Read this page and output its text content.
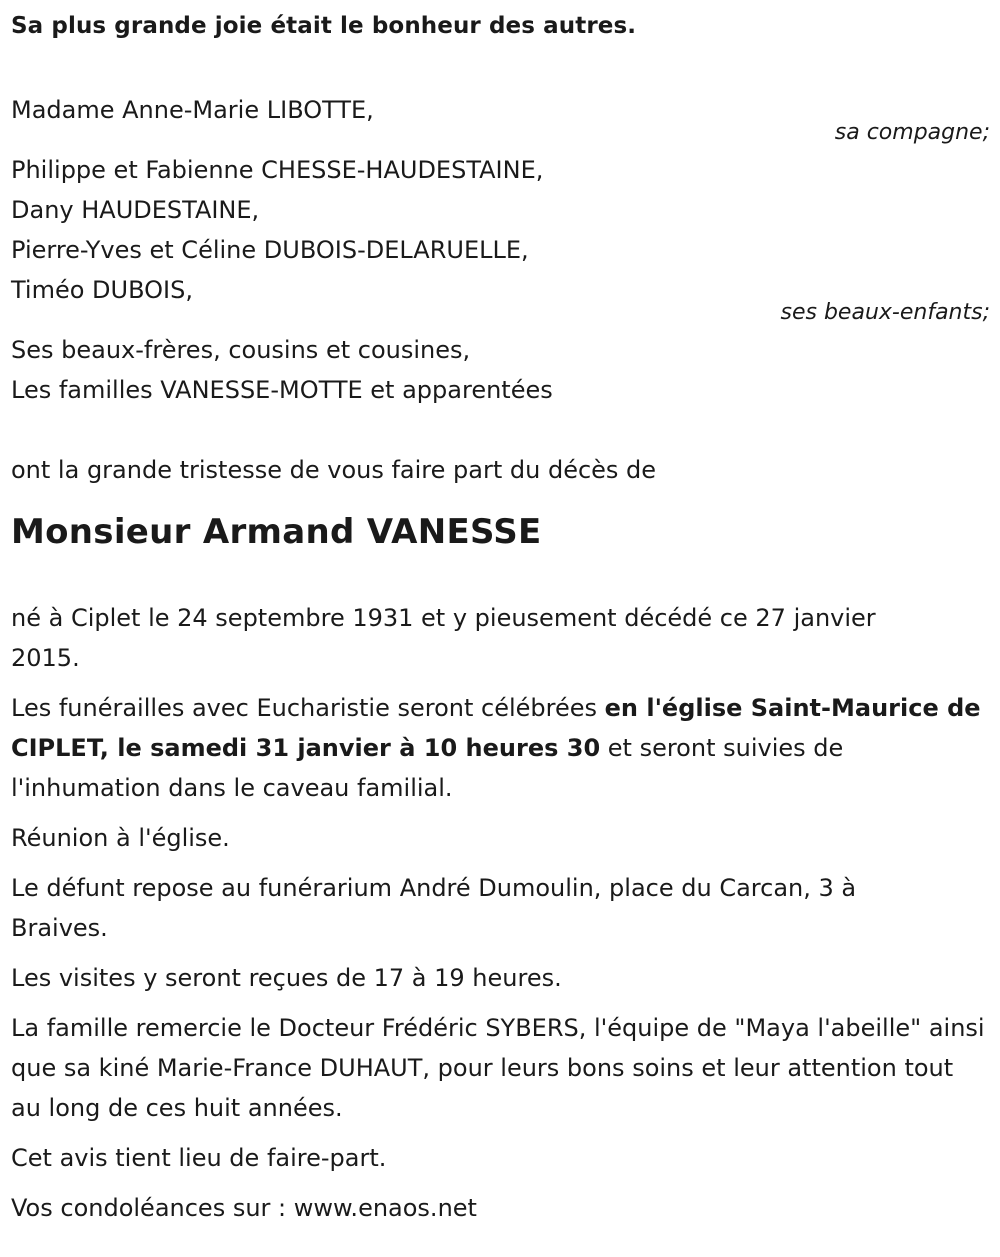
Sa plus grande joie était le bonheur des autres.

Madame Anne-Marie LIBOTTE,

sa compagne;

Philippe et Fabienne CHESSE-HAUDESTAINE,

Dany HAUDESTAINE,

Pierre-Yves et Céline DUBOIS-DELARUELLE,

Timéo DUBOIS,

ses beaux-enfants;

Ses beaux-frères, cousins et cousines,

Les familles VANESSE-MOTTE et apparentées

ont la grande tristesse de vous faire part du décès de

Monsieur Armand VANESSE

né à Ciplet le 24 septembre 1931 et y pieusement décédé ce 27 janvier 2015.

Les funérailles avec Eucharistie seront célébrées en l'église Saint-Maurice de CIPLET, le samedi 31 janvier à 10 heures 30 et seront suivies de l'inhumation dans le caveau familial.

Réunion à l'église.

Le défunt repose au funérarium André Dumoulin, place du Carcan, 3 à Braives.

Les visites y seront reçues de 17 à 19 heures.

La famille remercie le Docteur Frédéric SYBERS, l'équipe de "Maya l'abeille" ainsi que sa kiné Marie-France DUHAUT, pour leurs bons soins et leur attention tout au long de ces huit années.

Cet avis tient lieu de faire-part.

Vos condoléances sur : www.enaos.net
